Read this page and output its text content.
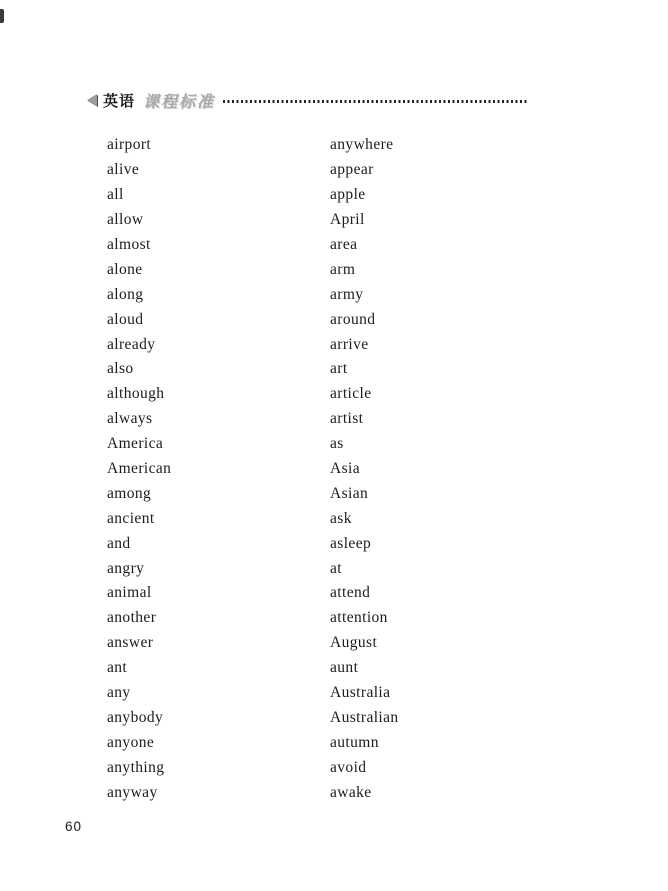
英语 课程标准
airport	anywhere
alive	appear
all	apple
allow	April
almost	area
alone	arm
along	army
aloud	around
already	arrive
also	art
although	article
always	artist
America	as
American	Asia
among	Asian
ancient	ask
and	asleep
angry	at
animal	attend
another	attention
answer	August
ant	aunt
any	Australia
anybody	Australian
anyone	autumn
anything	avoid
anyway	awake
60
